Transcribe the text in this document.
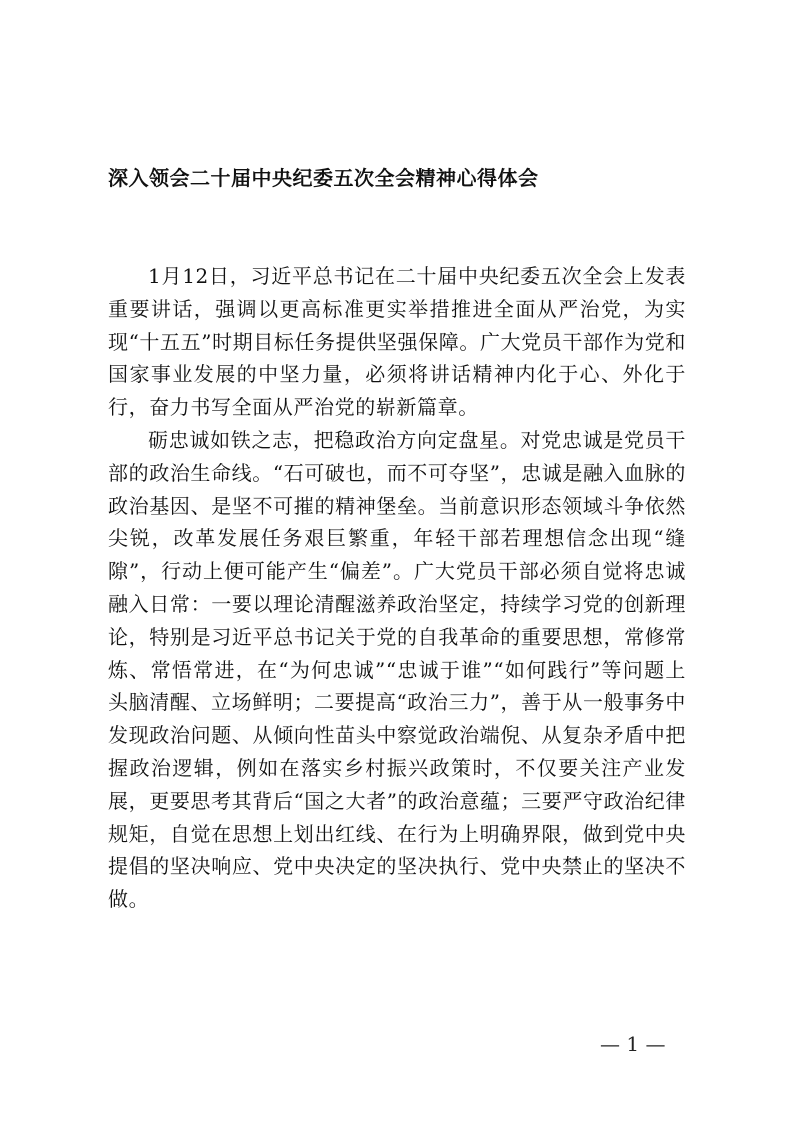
深入领会二十届中央纪委五次全会精神心得体会

1月12日，习近平总书记在二十届中央纪委五次全会上发表重要讲话，强调以更高标准更实举措推进全面从严治党，为实现“十五五”时期目标任务提供坚强保障。广大党员干部作为党和国家事业发展的中坚力量，必须将讲话精神内化于心、外化于行，奋力书写全面从严治党的崭新篇章。

砺忠诚如铁之志，把稳政治方向定盘星。对党忠诚是党员干部的政治生命线。“石可破也，而不可夺坚”，忠诚是融入血脉的政治基因、是坚不可摧的精神堡垒。当前意识形态领域斗争依然尖锐，改革发展任务艰巨繁重，年轻干部若理想信念出现“缝隙”，行动上便可能产生“偏差”。广大党员干部必须自觉将忠诚融入日常：一要以理论清醒滋养政治坚定，持续学习党的创新理论，特别是习近平总书记关于党的自我革命的重要思想，常修常炼、常悟常进，在“为何忠诚”“忠诚于谁”“如何践行”等问题上头脑清醒、立场鲜明；二要提高“政治三力”，善于从一般事务中发现政治问题、从倾向性苗头中察觉政治端倪、从复杂矛盾中把握政治逻辑，例如在落实乡村振兴政策时，不仅要关注产业发展，更要思考其背后“国之大者”的政治意蕴；三要严守政治纪律规矩，自觉在思想上划出红线、在行为上明确界限，做到党中央提倡的坚决响应、党中央决定的坚决执行、党中央禁止的坚决不做。

— 1 —
